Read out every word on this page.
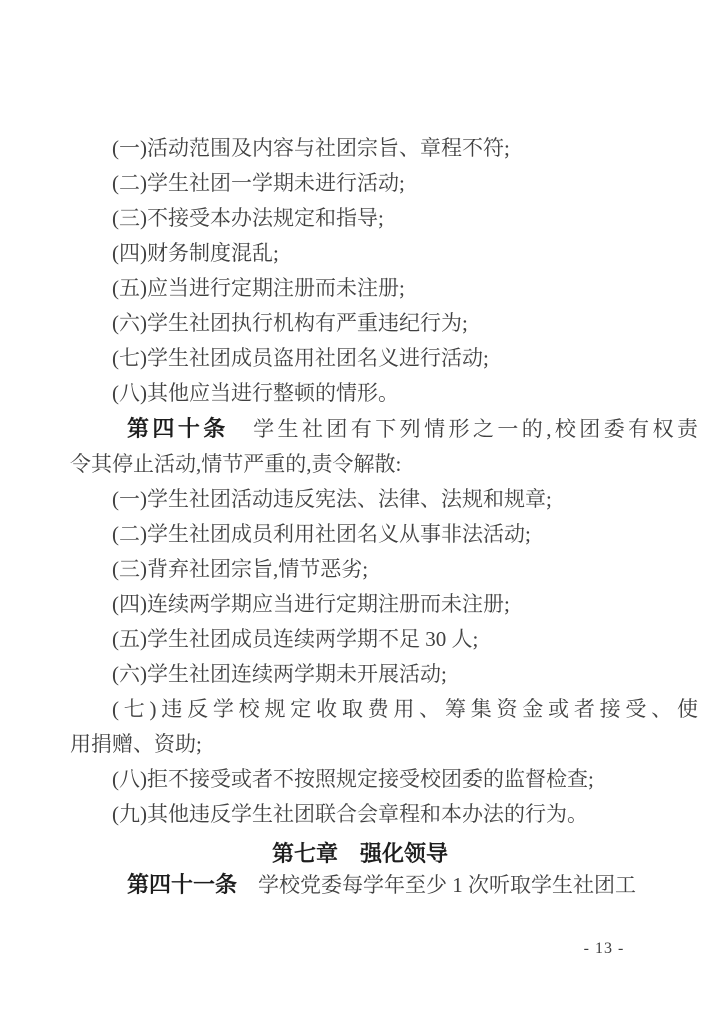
(一)活动范围及内容与社团宗旨、章程不符;
(二)学生社团一学期未进行活动;
(三)不接受本办法规定和指导;
(四)财务制度混乱;
(五)应当进行定期注册而未注册;
(六)学生社团执行机构有严重违纪行为;
(七)学生社团成员盗用社团名义进行活动;
(八)其他应当进行整顿的情形。
第四十条　学生社团有下列情形之一的,校团委有权责
令其停止活动,情节严重的,责令解散:
(一)学生社团活动违反宪法、法律、法规和规章;
(二)学生社团成员利用社团名义从事非法活动;
(三)背弃社团宗旨,情节恶劣;
(四)连续两学期应当进行定期注册而未注册;
(五)学生社团成员连续两学期不足 30 人;
(六)学生社团连续两学期未开展活动;
(七)违反学校规定收取费用、筹集资金或者接受、使
用捐赠、资助;
(八)拒不接受或者不按照规定接受校团委的监督检查;
(九)其他违反学生社团联合会章程和本办法的行为。
第七章　强化领导
第四十一条　学校党委每学年至少 1 次听取学生社团工
- 13 -
